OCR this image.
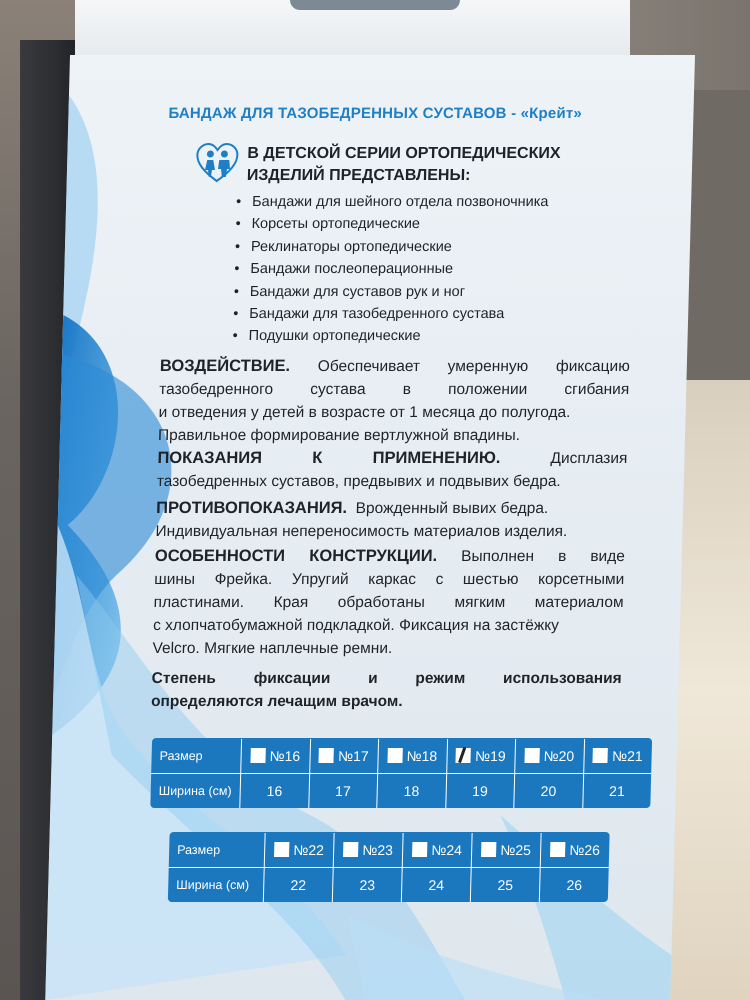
БАНДАЖ ДЛЯ ТАЗОБЕДРЕННЫХ СУСТАВОВ - «Крейт»
В ДЕТСКОЙ СЕРИИ ОРТОПЕДИЧЕСКИХ
ИЗДЕЛИЙ ПРЕДСТАВЛЕНЫ:
• Бандажи для шейного отдела позвоночника
• Корсеты ортопедические
• Реклинаторы ортопедические
• Бандажи послеоперационные
• Бандажи для суставов рук и ног
• Бандажи для тазобедренного сустава
• Подушки ортопедические
ВОЗДЕЙСТВИЕ. Обеспечивает умеренную фиксацию
тазобедренного сустава в положении сгибания
и отведения у детей в возрасте от 1 месяца до полугода.
Правильное формирование вертлужной впадины.
ПОКАЗАНИЯ К ПРИМЕНЕНИЮ.	Дисплазия
тазобедренных суставов, предвывих и подвывих бедра.
ПРОТИВОПОКАЗАНИЯ. Врожденный вывих бедра.
Индивидуальная непереносимость материалов изделия.
ОСОБЕННОСТИ КОНСТРУКЦИИ. Выполнен в виде
шины Фрейка. Упругий каркас с шестью корсетными
пластинами. Края обработаны мягким материалом
с хлопчатобумажной подкладкой. Фиксация на застёжку
Velcro. Мягкие наплечные ремни.
Степень фиксации и режим использования
определяются лечащим врачом.
Размер	№16	№17	№18	№19	№20	№21
Ширина (см)	16	17	18	19	20	21
Размер	№22	№23	№24	№25	№26
Ширина (см)	22	23	24	25	26
